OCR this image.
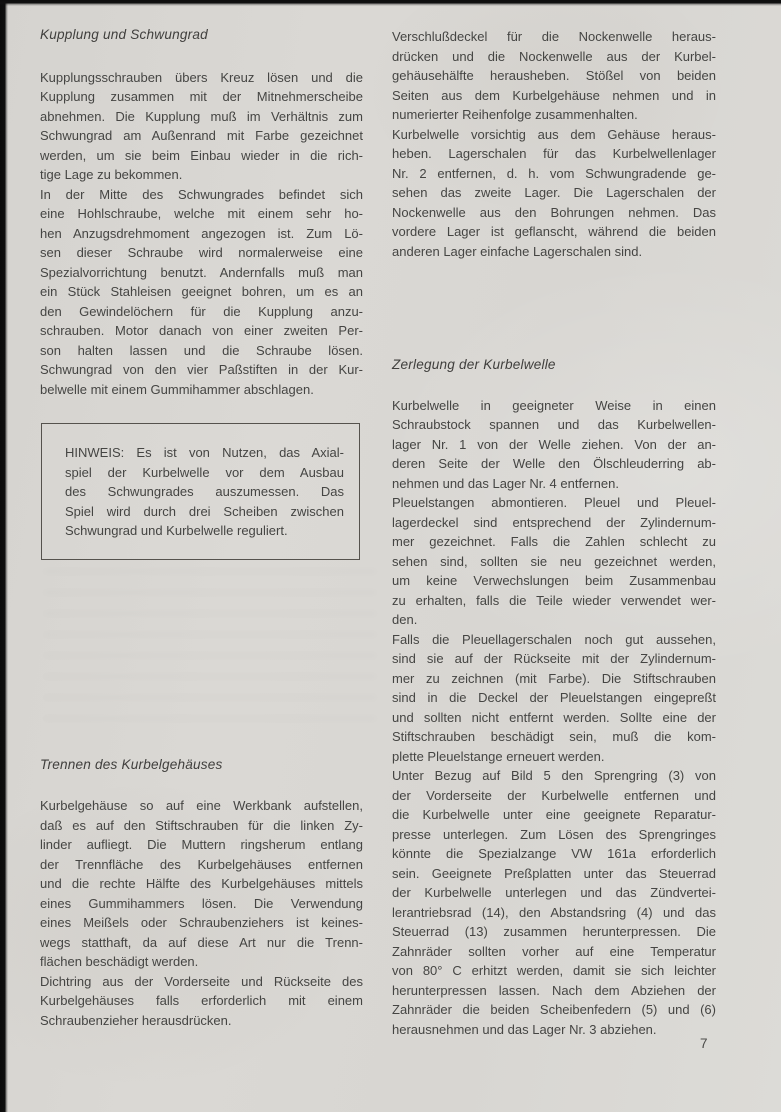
Kupplung und Schwungrad
Kupplungsschrauben übers Kreuz lösen und die
Kupplung zusammen mit der Mitnehmerscheibe
abnehmen. Die Kupplung muß im Verhältnis zum
Schwungrad am Außenrand mit Farbe gezeichnet
werden, um sie beim Einbau wieder in die rich-
tige Lage zu bekommen.
In der Mitte des Schwungrades befindet sich
eine Hohlschraube, welche mit einem sehr ho-
hen Anzugsdrehmoment angezogen ist. Zum Lö-
sen dieser Schraube wird normalerweise eine
Spezialvorrichtung benutzt. Andernfalls muß man
ein Stück Stahleisen geeignet bohren, um es an
den Gewindelöchern für die Kupplung anzu-
schrauben. Motor danach von einer zweiten Per-
son halten lassen und die Schraube lösen.
Schwungrad von den vier Paßstiften in der Kur-
belwelle mit einem Gummihammer abschlagen.
HINWEIS: Es ist von Nutzen, das Axial-
spiel der Kurbelwelle vor dem Ausbau
des Schwungrades auszumessen. Das
Spiel wird durch drei Scheiben zwischen
Schwungrad und Kurbelwelle reguliert.
Trennen des Kurbelgehäuses
Kurbelgehäuse so auf eine Werkbank aufstellen,
daß es auf den Stiftschrauben für die linken Zy-
linder aufliegt. Die Muttern ringsherum entlang
der Trennfläche des Kurbelgehäuses entfernen
und die rechte Hälfte des Kurbelgehäuses mittels
eines Gummihammers lösen. Die Verwendung
eines Meißels oder Schraubenziehers ist keines-
wegs statthaft, da auf diese Art nur die Trenn-
flächen beschädigt werden.
Dichtring aus der Vorderseite und Rückseite des
Kurbelgehäuses falls erforderlich mit einem
Schraubenzieher herausdrücken.
Verschlußdeckel für die Nockenwelle heraus-
drücken und die Nockenwelle aus der Kurbel-
gehäusehälfte herausheben. Stößel von beiden
Seiten aus dem Kurbelgehäuse nehmen und in
numerierter Reihenfolge zusammenhalten.
Kurbelwelle vorsichtig aus dem Gehäuse heraus-
heben. Lagerschalen für das Kurbelwellenlager
Nr. 2 entfernen, d. h. vom Schwungradende ge-
sehen das zweite Lager. Die Lagerschalen der
Nockenwelle aus den Bohrungen nehmen. Das
vordere Lager ist geflanscht, während die beiden
anderen Lager einfache Lagerschalen sind.
Zerlegung der Kurbelwelle
Kurbelwelle in geeigneter Weise in einen
Schraubstock spannen und das Kurbelwellen-
lager Nr. 1 von der Welle ziehen. Von der an-
deren Seite der Welle den Ölschleuderring ab-
nehmen und das Lager Nr. 4 entfernen.
Pleuelstangen abmontieren. Pleuel und Pleuel-
lagerdeckel sind entsprechend der Zylindernum-
mer gezeichnet. Falls die Zahlen schlecht zu
sehen sind, sollten sie neu gezeichnet werden,
um keine Verwechslungen beim Zusammenbau
zu erhalten, falls die Teile wieder verwendet wer-
den.
Falls die Pleuellagerschalen noch gut aussehen,
sind sie auf der Rückseite mit der Zylindernum-
mer zu zeichnen (mit Farbe). Die Stiftschrauben
sind in die Deckel der Pleuelstangen eingepreßt
und sollten nicht entfernt werden. Sollte eine der
Stiftschrauben beschädigt sein, muß die kom-
plette Pleuelstange erneuert werden.
Unter Bezug auf Bild 5 den Sprengring (3) von
der Vorderseite der Kurbelwelle entfernen und
die Kurbelwelle unter eine geeignete Reparatur-
presse unterlegen. Zum Lösen des Sprengringes
könnte die Spezialzange VW 161a erforderlich
sein. Geeignete Preßplatten unter das Steuerrad
der Kurbelwelle unterlegen und das Zündvertei-
lerantriebsrad (14), den Abstandsring (4) und das
Steuerrad (13) zusammen herunterpressen. Die
Zahnräder sollten vorher auf eine Temperatur
von 80° C erhitzt werden, damit sie sich leichter
herunterpressen lassen. Nach dem Abziehen der
Zahnräder die beiden Scheibenfedern (5) und (6)
herausnehmen und das Lager Nr. 3 abziehen.
7
